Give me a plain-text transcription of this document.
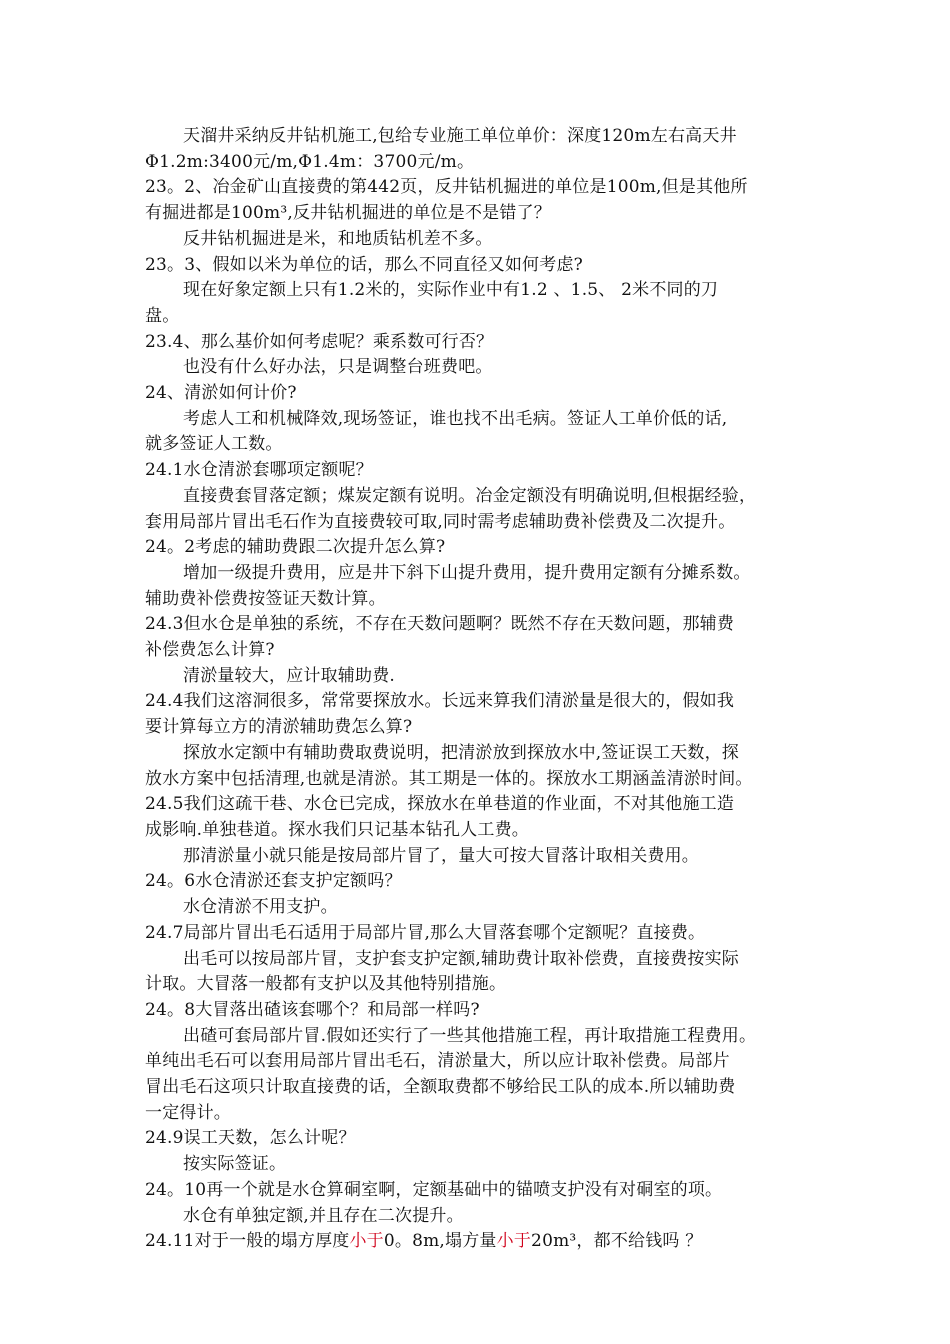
天溜井采纳反井钻机施工,包给专业施工单位单价：深度120m左右高天井

Φ1.2m:3400元/m,Φ1.4m：3700元/m。

23。2、冶金矿山直接费的第442页，反井钻机掘进的单位是100m,但是其他所

有掘进都是100m³,反井钻机掘进的单位是不是错了？

反井钻机掘进是米，和地质钻机差不多。

23。3、假如以米为单位的话，那么不同直径又如何考虑?

现在好象定额上只有1.2米的，实际作业中有1.2 、1.5、 2米不同的刀

盘。

23.4、那么基价如何考虑呢？乘系数可行否？

也没有什么好办法，只是调整台班费吧。

24、清淤如何计价?

考虑人工和机械降效,现场签证，谁也找不出毛病。签证人工单价低的话,

就多签证人工数。

24.1水仓清淤套哪项定额呢？

直接费套冒落定额；煤炭定额有说明。冶金定额没有明确说明,但根据经验，

套用局部片冒出毛石作为直接费较可取,同时需考虑辅助费补偿费及二次提升。

24。2考虑的辅助费跟二次提升怎么算?

增加一级提升费用，应是井下斜下山提升费用，提升费用定额有分摊系数。

辅助费补偿费按签证天数计算。

24.3但水仓是单独的系统，不存在天数问题啊？既然不存在天数问题，那辅费

补偿费怎么计算?

清淤量较大，应计取辅助费.

24.4我们这溶洞很多，常常要探放水。长远来算我们清淤量是很大的，假如我

要计算每立方的清淤辅助费怎么算?

探放水定额中有辅助费取费说明，把清淤放到探放水中,签证误工天数，探

放水方案中包括清理,也就是清淤。其工期是一体的。探放水工期涵盖清淤时间。

24.5我们这疏干巷、水仓已完成，探放水在单巷道的作业面，不对其他施工造

成影响.单独巷道。探水我们只记基本钻孔人工费。

那清淤量小就只能是按局部片冒了，量大可按大冒落计取相关费用。

24。6水仓清淤还套支护定额吗？

水仓清淤不用支护。

24.7局部片冒出毛石适用于局部片冒,那么大冒落套哪个定额呢？直接费。

出毛可以按局部片冒，支护套支护定额,辅助费计取补偿费，直接费按实际

计取。大冒落一般都有支护以及其他特别措施。

24。8大冒落出碴该套哪个？和局部一样吗?

出碴可套局部片冒.假如还实行了一些其他措施工程，再计取措施工程费用。

单纯出毛石可以套用局部片冒出毛石，清淤量大，所以应计取补偿费。局部片

冒出毛石这项只计取直接费的话，全额取费都不够给民工队的成本.所以辅助费

一定得计。

24.9误工天数，怎么计呢？

按实际签证。

24。10再一个就是水仓算硐室啊，定额基础中的锚喷支护没有对硐室的项。

水仓有单独定额,并且存在二次提升。

24.11对于一般的塌方厚度小于0。8m,塌方量小于20m³，都不给钱吗 ？
